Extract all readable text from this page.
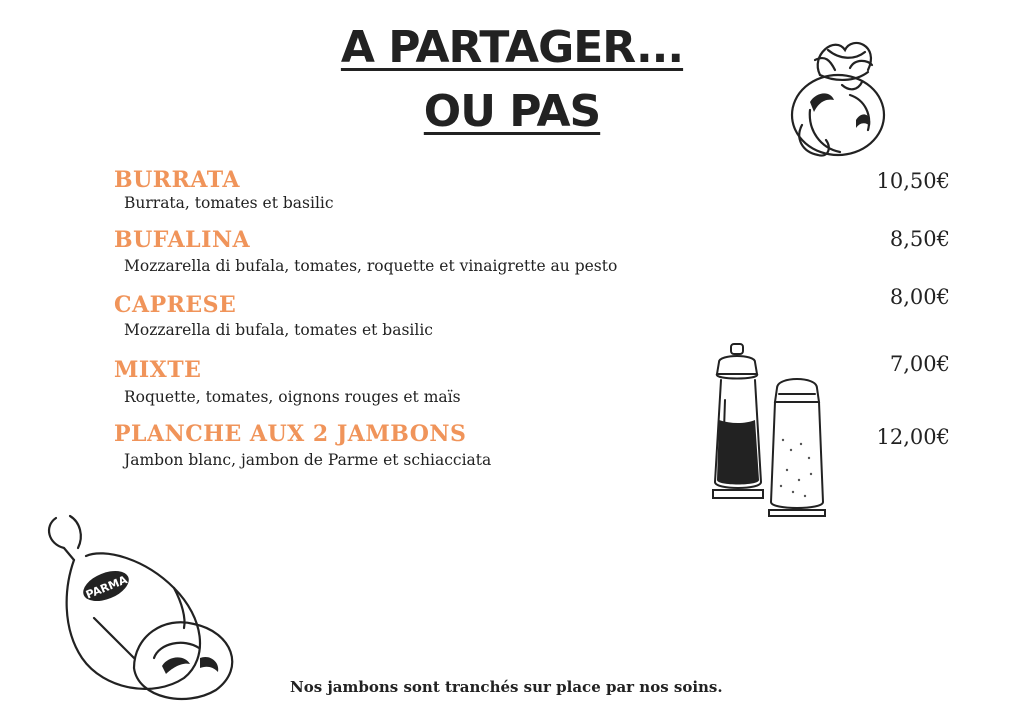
A PARTAGER...
OU PAS
BURRATA
Burrata, tomates et basilic
10,50€
BUFALINA
Mozzarella di bufala, tomates, roquette et vinaigrette au pesto
8,50€
CAPRESE
Mozzarella di bufala, tomates et basilic
8,00€
MIXTE
Roquette, tomates, oignons rouges et maïs
7,00€
PLANCHE AUX 2 JAMBONS
Jambon blanc, jambon de Parme et schiacciata
12,00€
PARMA
Nos jambons sont tranchés sur place par nos soins.
